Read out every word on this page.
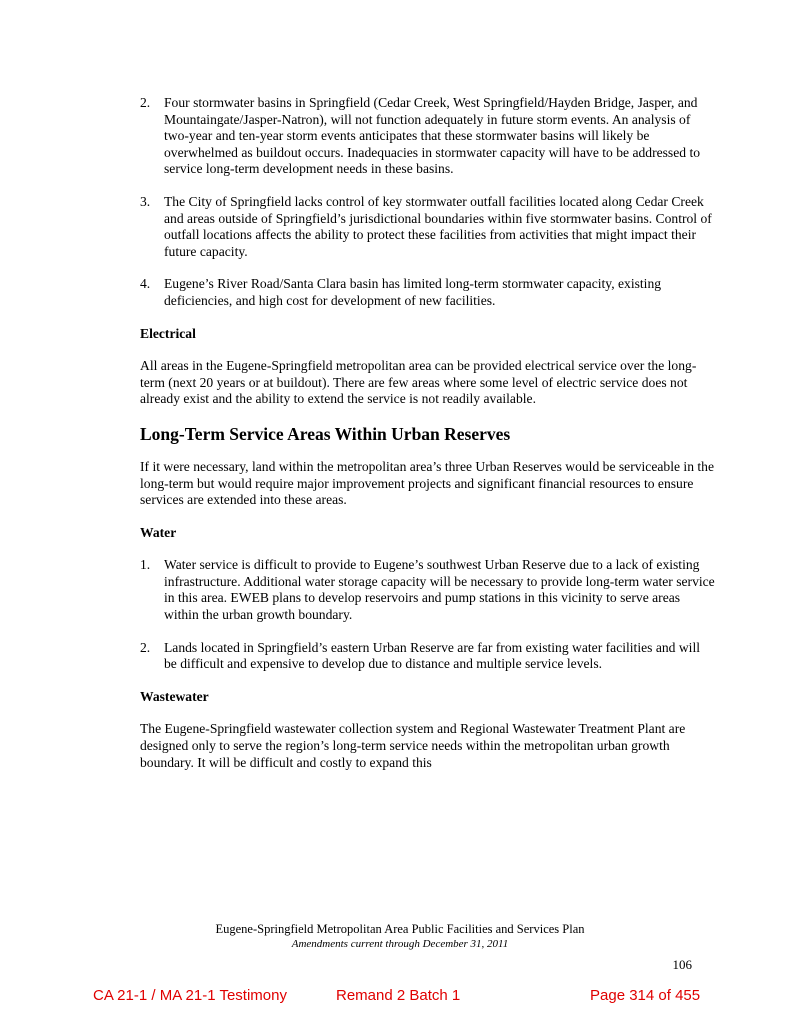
2. Four stormwater basins in Springfield (Cedar Creek, West Springfield/Hayden Bridge, Jasper, and Mountaingate/Jasper-Natron), will not function adequately in future storm events. An analysis of two-year and ten-year storm events anticipates that these stormwater basins will likely be overwhelmed as buildout occurs. Inadequacies in stormwater capacity will have to be addressed to service long-term development needs in these basins.
3. The City of Springfield lacks control of key stormwater outfall facilities located along Cedar Creek and areas outside of Springfield’s jurisdictional boundaries within five stormwater basins. Control of outfall locations affects the ability to protect these facilities from activities that might impact their future capacity.
4. Eugene’s River Road/Santa Clara basin has limited long-term stormwater capacity, existing deficiencies, and high cost for development of new facilities.
Electrical

All areas in the Eugene-Springfield metropolitan area can be provided electrical service over the long-term (next 20 years or at buildout). There are few areas where some level of electric service does not already exist and the ability to extend the service is not readily available.

Long-Term Service Areas Within Urban Reserves

If it were necessary, land within the metropolitan area’s three Urban Reserves would be serviceable in the long-term but would require major improvement projects and significant financial resources to ensure services are extended into these areas.

Water
1. Water service is difficult to provide to Eugene’s southwest Urban Reserve due to a lack of existing infrastructure. Additional water storage capacity will be necessary to provide long-term water service in this area. EWEB plans to develop reservoirs and pump stations in this vicinity to serve areas within the urban growth boundary.
2. Lands located in Springfield’s eastern Urban Reserve are far from existing water facilities and will be difficult and expensive to develop due to distance and multiple service levels.
Wastewater

The Eugene-Springfield wastewater collection system and Regional Wastewater Treatment Plant are designed only to serve the region’s long-term service needs within the metropolitan urban growth boundary. It will be difficult and costly to expand this

Eugene-Springfield Metropolitan Area Public Facilities and Services Plan
Amendments current through December 31, 2011
106
CA 21-1 / MA 21-1 Testimony	Remand 2 Batch 1	Page 314 of 455
